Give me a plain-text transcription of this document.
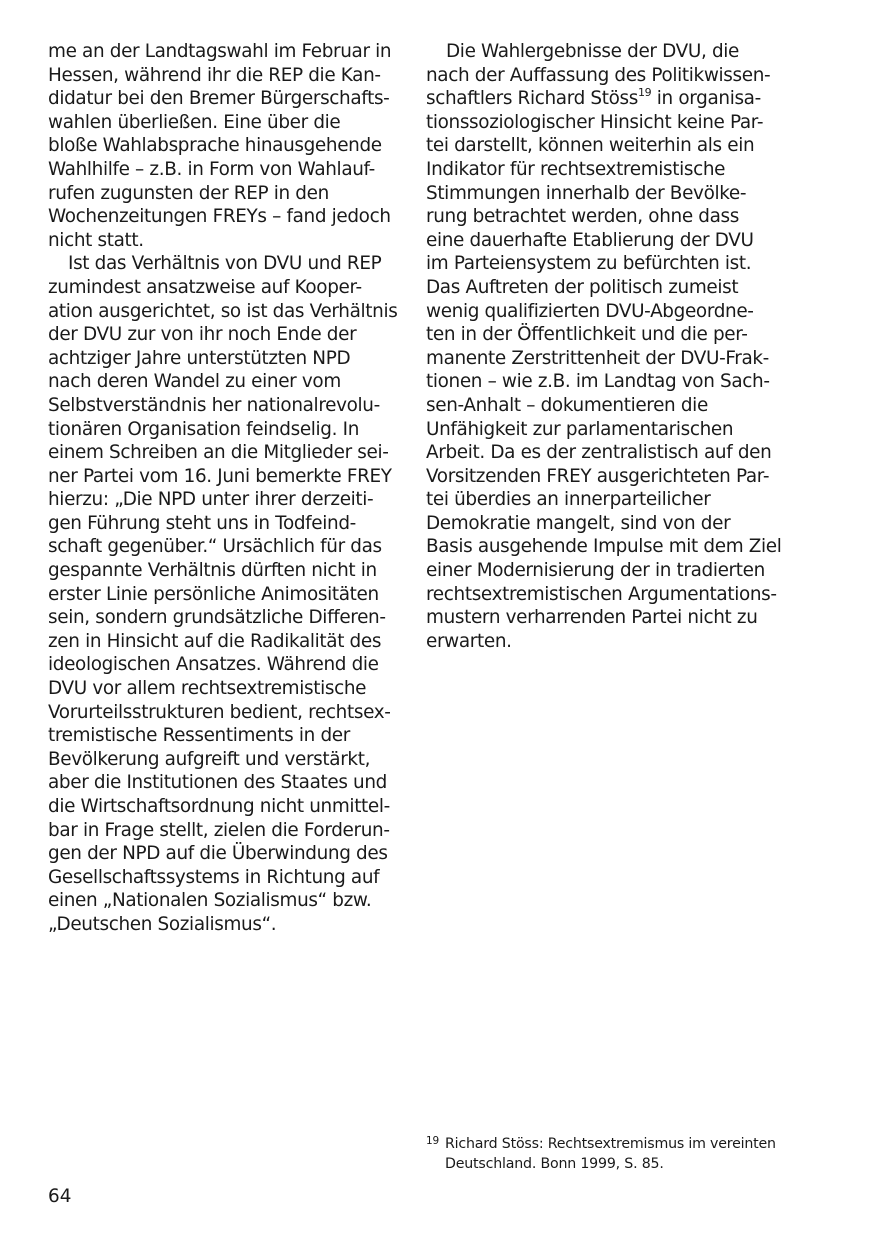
me an der Landtagswahl im Februar in
Hessen, während ihr die REP die Kan-
didatur bei den Bremer Bürgerschafts-
wahlen überließen. Eine über die
bloße Wahlabsprache hinausgehende
Wahlhilfe – z.B. in Form von Wahlauf-
rufen zugunsten der REP in den
Wochenzeitungen FREYs – fand jedoch
nicht statt.
Ist das Verhältnis von DVU und REP
zumindest ansatzweise auf Kooper-
ation ausgerichtet, so ist das Verhältnis
der DVU zur von ihr noch Ende der
achtziger Jahre unterstützten NPD
nach deren Wandel zu einer vom
Selbstverständnis her nationalrevolu-
tionären Organisation feindselig. In
einem Schreiben an die Mitglieder sei-
ner Partei vom 16. Juni bemerkte FREY
hierzu: „Die NPD unter ihrer derzeiti-
gen Führung steht uns in Todfeind-
schaft gegenüber.“ Ursächlich für das
gespannte Verhältnis dürften nicht in
erster Linie persönliche Animositäten
sein, sondern grundsätzliche Differen-
zen in Hinsicht auf die Radikalität des
ideologischen Ansatzes. Während die
DVU vor allem rechtsextremistische
Vorurteilsstrukturen bedient, rechtsex-
tremistische Ressentiments in der
Bevölkerung aufgreift und verstärkt,
aber die Institutionen des Staates und
die Wirtschaftsordnung nicht unmittel-
bar in Frage stellt, zielen die Forderun-
gen der NPD auf die Überwindung des
Gesellschaftssystems in Richtung auf
einen „Nationalen Sozialismus“ bzw.
„Deutschen Sozialismus“.
Die Wahlergebnisse der DVU, die
nach der Auffassung des Politikwissen-
schaftlers Richard Stöss$^{19}$ in organisa-
tionssoziologischer Hinsicht keine Par-
tei darstellt, können weiterhin als ein
Indikator für rechtsextremistische
Stimmungen innerhalb der Bevölke-
rung betrachtet werden, ohne dass
eine dauerhafte Etablierung der DVU
im Parteiensystem zu befürchten ist.
Das Auftreten der politisch zumeist
wenig qualifizierten DVU-Abgeordne-
ten in der Öffentlichkeit und die per-
manente Zerstrittenheit der DVU-Frak-
tionen – wie z.B. im Landtag von Sach-
sen-Anhalt – dokumentieren die
Unfähigkeit zur parlamentarischen
Arbeit. Da es der zentralistisch auf den
Vorsitzenden FREY ausgerichteten Par-
tei überdies an innerparteilicher
Demokratie mangelt, sind von der
Basis ausgehende Impulse mit dem Ziel
einer Modernisierung der in tradierten
rechtsextremistischen Argumentations-
mustern verharrenden Partei nicht zu
erwarten.
19 Richard Stöss: Rechtsextremismus im vereinten
Deutschland. Bonn 1999, S. 85.
64
